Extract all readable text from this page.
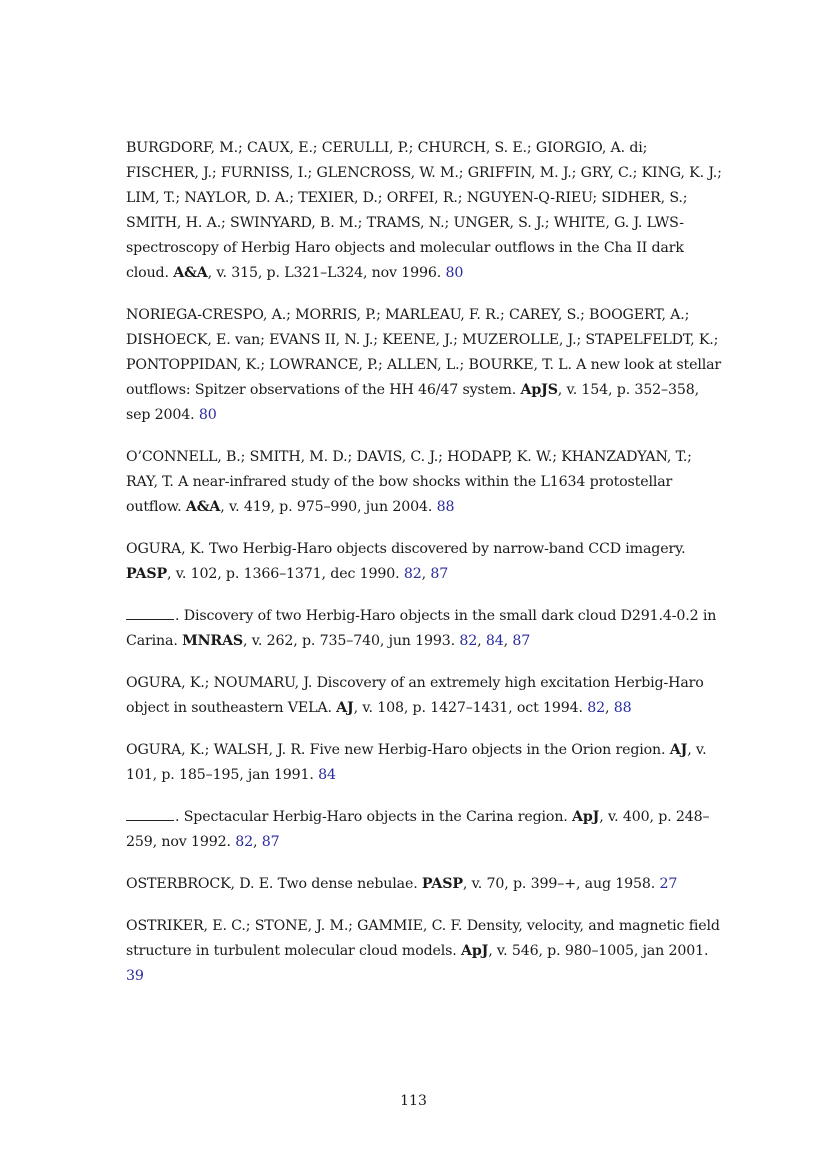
BURGDORF, M.; CAUX, E.; CERULLI, P.; CHURCH, S. E.; GIORGIO, A. di; FISCHER, J.; FURNISS, I.; GLENCROSS, W. M.; GRIFFIN, M. J.; GRY, C.; KING, K. J.; LIM, T.; NAYLOR, D. A.; TEXIER, D.; ORFEI, R.; NGUYEN-Q-RIEU; SIDHER, S.; SMITH, H. A.; SWINYARD, B. M.; TRAMS, N.; UNGER, S. J.; WHITE, G. J. LWS-spectroscopy of Herbig Haro objects and molecular outflows in the Cha II dark cloud. A&A, v. 315, p. L321–L324, nov 1996. 80

NORIEGA-CRESPO, A.; MORRIS, P.; MARLEAU, F. R.; CAREY, S.; BOOGERT, A.; DISHOECK, E. van; EVANS II, N. J.; KEENE, J.; MUZEROLLE, J.; STAPELFELDT, K.; PONTOPPIDAN, K.; LOWRANCE, P.; ALLEN, L.; BOURKE, T. L. A new look at stellar outflows: Spitzer observations of the HH 46/47 system. ApJS, v. 154, p. 352–358, sep 2004. 80

O’CONNELL, B.; SMITH, M. D.; DAVIS, C. J.; HODAPP, K. W.; KHANZADYAN, T.; RAY, T. A near-infrared study of the bow shocks within the L1634 protostellar outflow. A&A, v. 419, p. 975–990, jun 2004. 88

OGURA, K. Two Herbig-Haro objects discovered by narrow-band CCD imagery. PASP, v. 102, p. 1366–1371, dec 1990. 82, 87

. Discovery of two Herbig-Haro objects in the small dark cloud D291.4-0.2 in Carina. MNRAS, v. 262, p. 735–740, jun 1993. 82, 84, 87

OGURA, K.; NOUMARU, J. Discovery of an extremely high excitation Herbig-Haro object in southeastern VELA. AJ, v. 108, p. 1427–1431, oct 1994. 82, 88

OGURA, K.; WALSH, J. R. Five new Herbig-Haro objects in the Orion region. AJ, v. 101, p. 185–195, jan 1991. 84

. Spectacular Herbig-Haro objects in the Carina region. ApJ, v. 400, p. 248–259, nov 1992. 82, 87

OSTERBROCK, D. E. Two dense nebulae. PASP, v. 70, p. 399–+, aug 1958. 27

OSTRIKER, E. C.; STONE, J. M.; GAMMIE, C. F. Density, velocity, and magnetic field structure in turbulent molecular cloud models. ApJ, v. 546, p. 980–1005, jan 2001. 39

113
